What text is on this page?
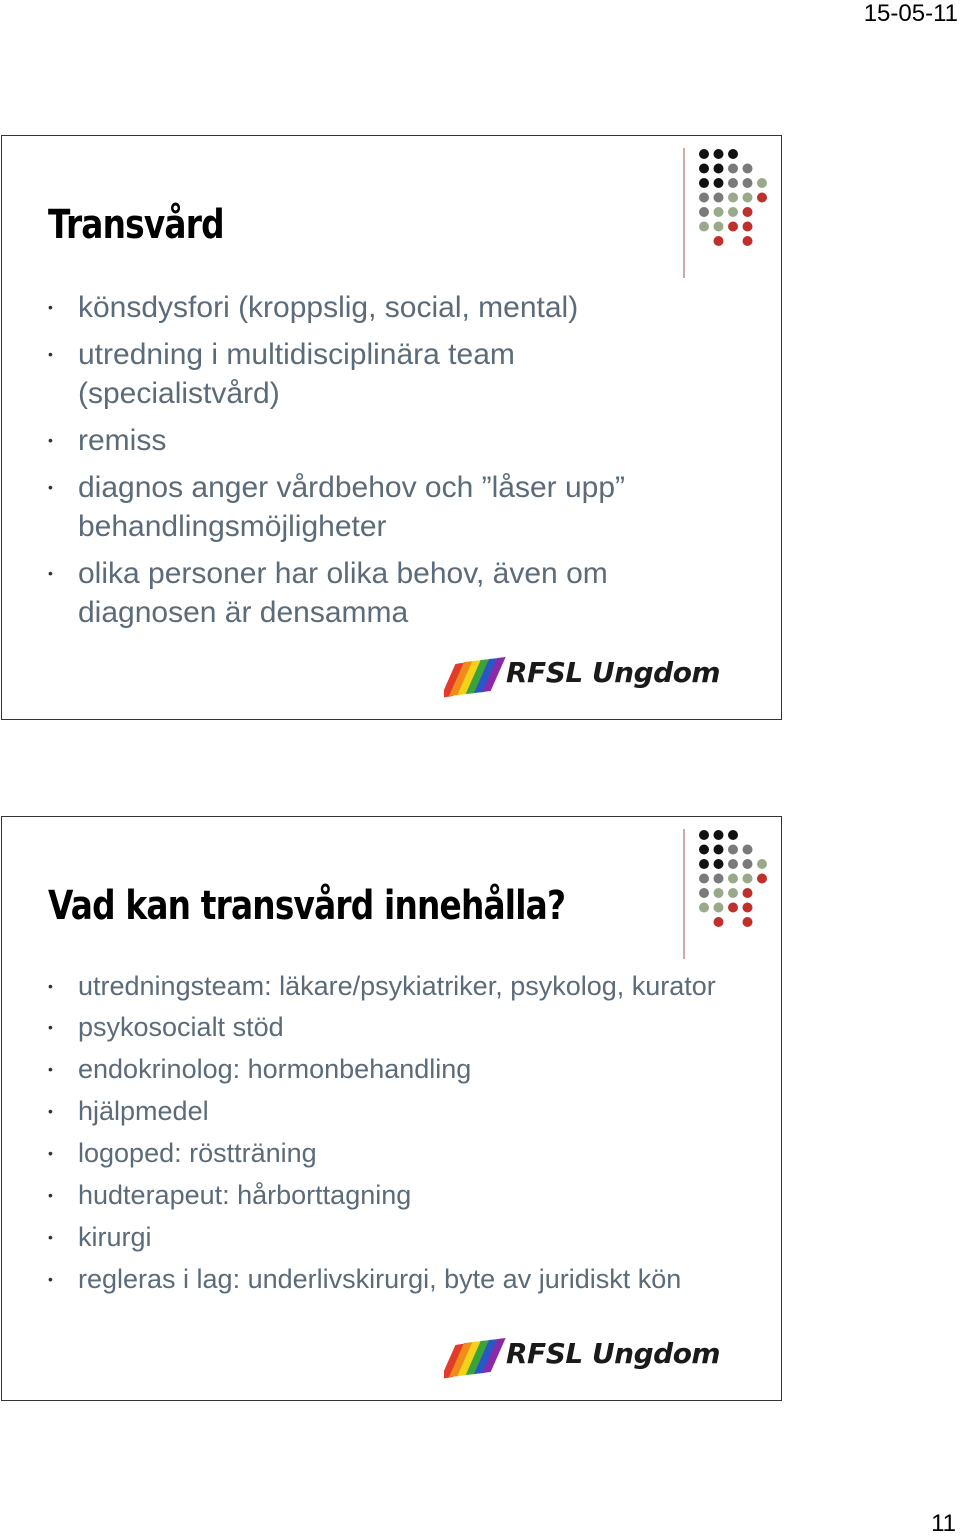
15-05-11
Transvård
• könsdysfori (kroppslig, social, mental)
• utredning i multidisciplinära team (specialistvård)
• remiss
• diagnos anger vårdbehov och ”låser upp” behandlingsmöjligheter
• olika personer har olika behov, även om diagnosen är densamma
RFSL Ungdom
Vad kan transvård innehålla?
• utredningsteam: läkare/psykiatriker, psykolog, kurator
• psykosocialt stöd
• endokrinolog: hormonbehandling
• hjälpmedel
• logoped: röstträning
• hudterapeut: hårborttagning
• kirurgi
• regleras i lag: underlivskirurgi, byte av juridiskt kön
RFSL Ungdom
11
